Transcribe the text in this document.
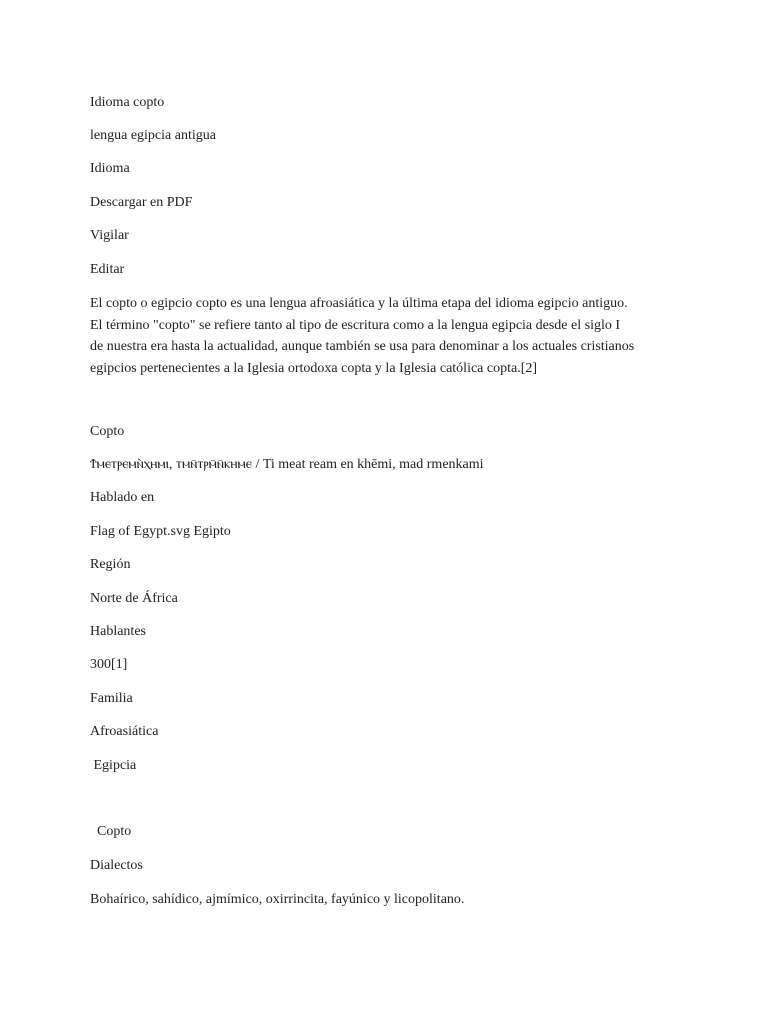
Idioma copto
lengua egipcia antigua
Idioma
Descargar en PDF
Vigilar
Editar
El copto o egipcio copto es una lengua afroasiática y la última etapa del idioma egipcio antiguo.
El término "copto" se refiere tanto al tipo de escritura como a la lengua egipcia desde el siglo I
de nuestra era hasta la actualidad, aunque también se usa para denominar a los actuales cristianos
egipcios pertenecientes a la Iglesia ortodoxa copta y la Iglesia católica copta.[2]
Copto
Ϯⲙⲉⲧⲣⲉⲙⲛ̀ⲭⲏⲙⲓ, ⲧⲙⲛ̄ⲧⲣⲙ̄ⲛ̄ⲕⲏⲙⲉ / Ti meat ream en khēmi, mad rmenkami
Hablado en
Flag of Egypt.svg Egipto
Región
Norte de África
Hablantes
300[1]
Familia
Afroasiática
Egipcia
Copto
Dialectos
Bohaírico, sahídico, ajmímico, oxirrincita, fayúnico y licopolitano.
